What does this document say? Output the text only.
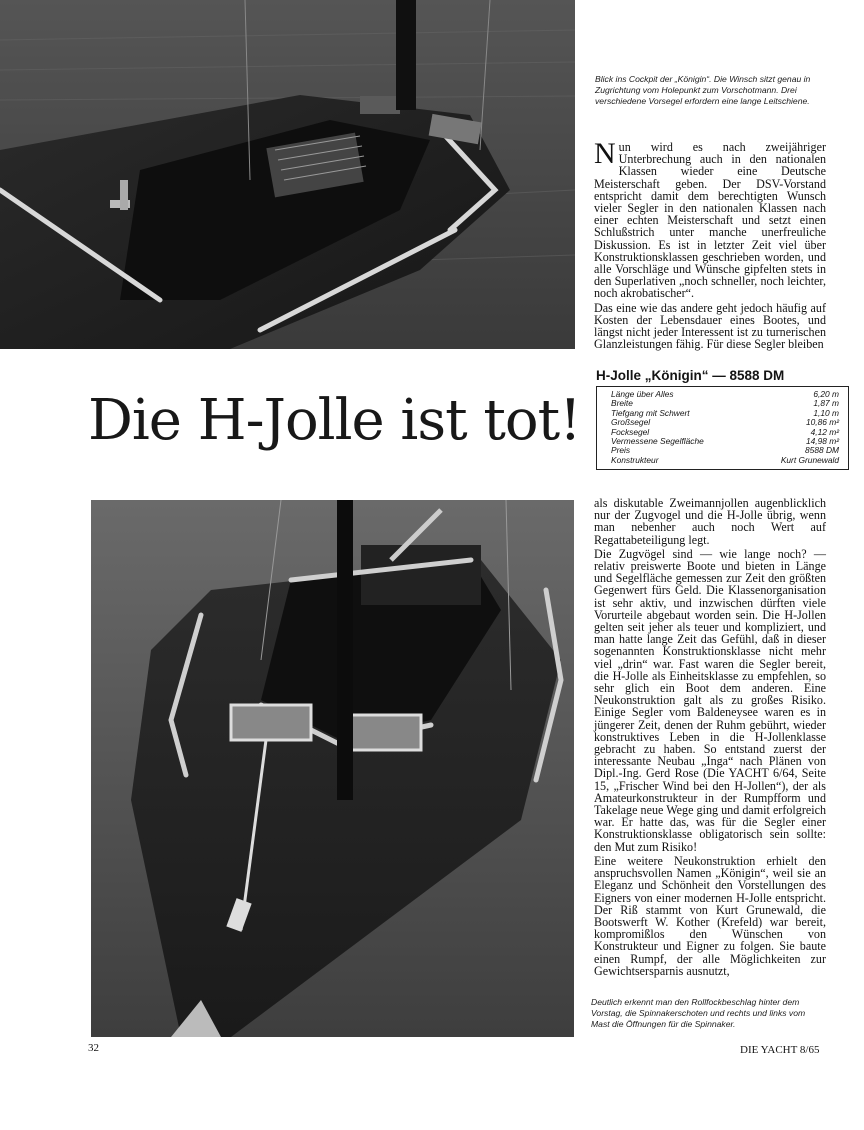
Blick ins Cockpit der „Königin“. Die Winsch sitzt genau in Zugrichtung vom Holepunkt zum Vorschotmann. Drei verschiedene Vorsegel erfordern eine lange Leitschiene.

Nun wird es nach zweijähriger Unterbrechung auch in den nationalen Klassen wieder eine Deutsche Meisterschaft geben. Der DSV-Vorstand entspricht damit dem berechtigten Wunsch vieler Segler in den nationalen Klassen nach einer echten Meisterschaft und setzt einen Schlußstrich unter manche unerfreuliche Diskussion. Es ist in letzter Zeit viel über Konstruktionsklassen geschrieben worden, und alle Vorschläge und Wünsche gipfelten stets in den Superlativen „noch schneller, noch leichter, noch akrobatischer“.

Das eine wie das andere geht jedoch häufig auf Kosten der Lebensdauer eines Bootes, und längst nicht jeder Interessent ist zu turnerischen Glanzleistungen fähig. Für diese Segler bleiben

Die H-Jolle ist tot!
H-Jolle „Königin“ — 8588 DM
Länge über Alles	6,20 m
Breite	1,87 m
Tiefgang mit Schwert	1,10 m
Großsegel	10,86 m²
Focksegel	4,12 m²
Vermessene Segelfläche	14,98 m²
Preis	8588 DM
Konstrukteur	Kurt Grunewald

als diskutable Zweimannjollen augenblicklich nur der Zugvogel und die H-Jolle übrig, wenn man nebenher auch noch Wert auf Regattabeteiligung legt.

Die Zugvögel sind — wie lange noch? — relativ preiswerte Boote und bieten in Länge und Segelfläche gemessen zur Zeit den größten Gegenwert fürs Geld. Die Klassenorganisation ist sehr aktiv, und inzwischen dürften viele Vorurteile abgebaut worden sein. Die H-Jollen gelten seit jeher als teuer und kompliziert, und man hatte lange Zeit das Gefühl, daß in dieser sogenannten Konstruktionsklasse nicht mehr viel „drin“ war. Fast waren die Segler bereit, die H-Jolle als Einheitsklasse zu empfehlen, so sehr glich ein Boot dem anderen. Eine Neukonstruktion galt als zu großes Risiko. Einige Segler vom Baldeneysee waren es in jüngerer Zeit, denen der Ruhm gebührt, wieder konstruktives Leben in die H-Jollenklasse gebracht zu haben. So entstand zuerst der interessante Neubau „Inga“ nach Plänen von Dipl.-Ing. Gerd Rose (Die YACHT 6/64, Seite 15, „Frischer Wind bei den H-Jollen“), der als Amateurkonstrukteur in der Rumpfform und Takelage neue Wege ging und damit erfolgreich war. Er hatte das, was für die Segler einer Konstruktionsklasse obligatorisch sein sollte: den Mut zum Risiko!

Eine weitere Neukonstruktion erhielt den anspruchsvollen Namen „Königin“, weil sie an Eleganz und Schönheit den Vorstellungen des Eigners von einer modernen H-Jolle entspricht. Der Riß stammt von Kurt Grunewald, die Bootswerft W. Kother (Krefeld) war bereit, kompromißlos den Wünschen von Konstrukteur und Eigner zu folgen. Sie baute einen Rumpf, der alle Möglichkeiten zur Gewichtsersparnis ausnutzt,

Deutlich erkennt man den Rollfockbeschlag hinter dem Vorstag, die Spinnakerschoten und rechts und links vom Mast die Öffnungen für die Spinnaker.
32	DIE YACHT 8/65
